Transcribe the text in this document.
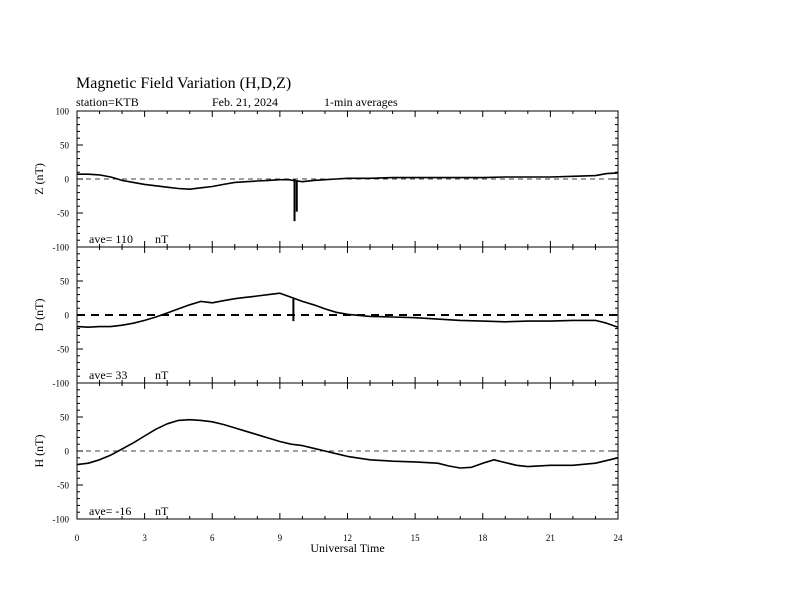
Magnetic Field Variation (H,D,Z)
station=KTB	Feb. 21, 2024	1-min averages
100
50
0
-50
-100
Z (nT)
ave= 110 nT
50
0
-50
-100
D (nT)
ave= 33 nT
50
0
-50
-100
H (nT)
ave= -16 nT
0	3	6	9	12	15	18	21	24
Universal Time
